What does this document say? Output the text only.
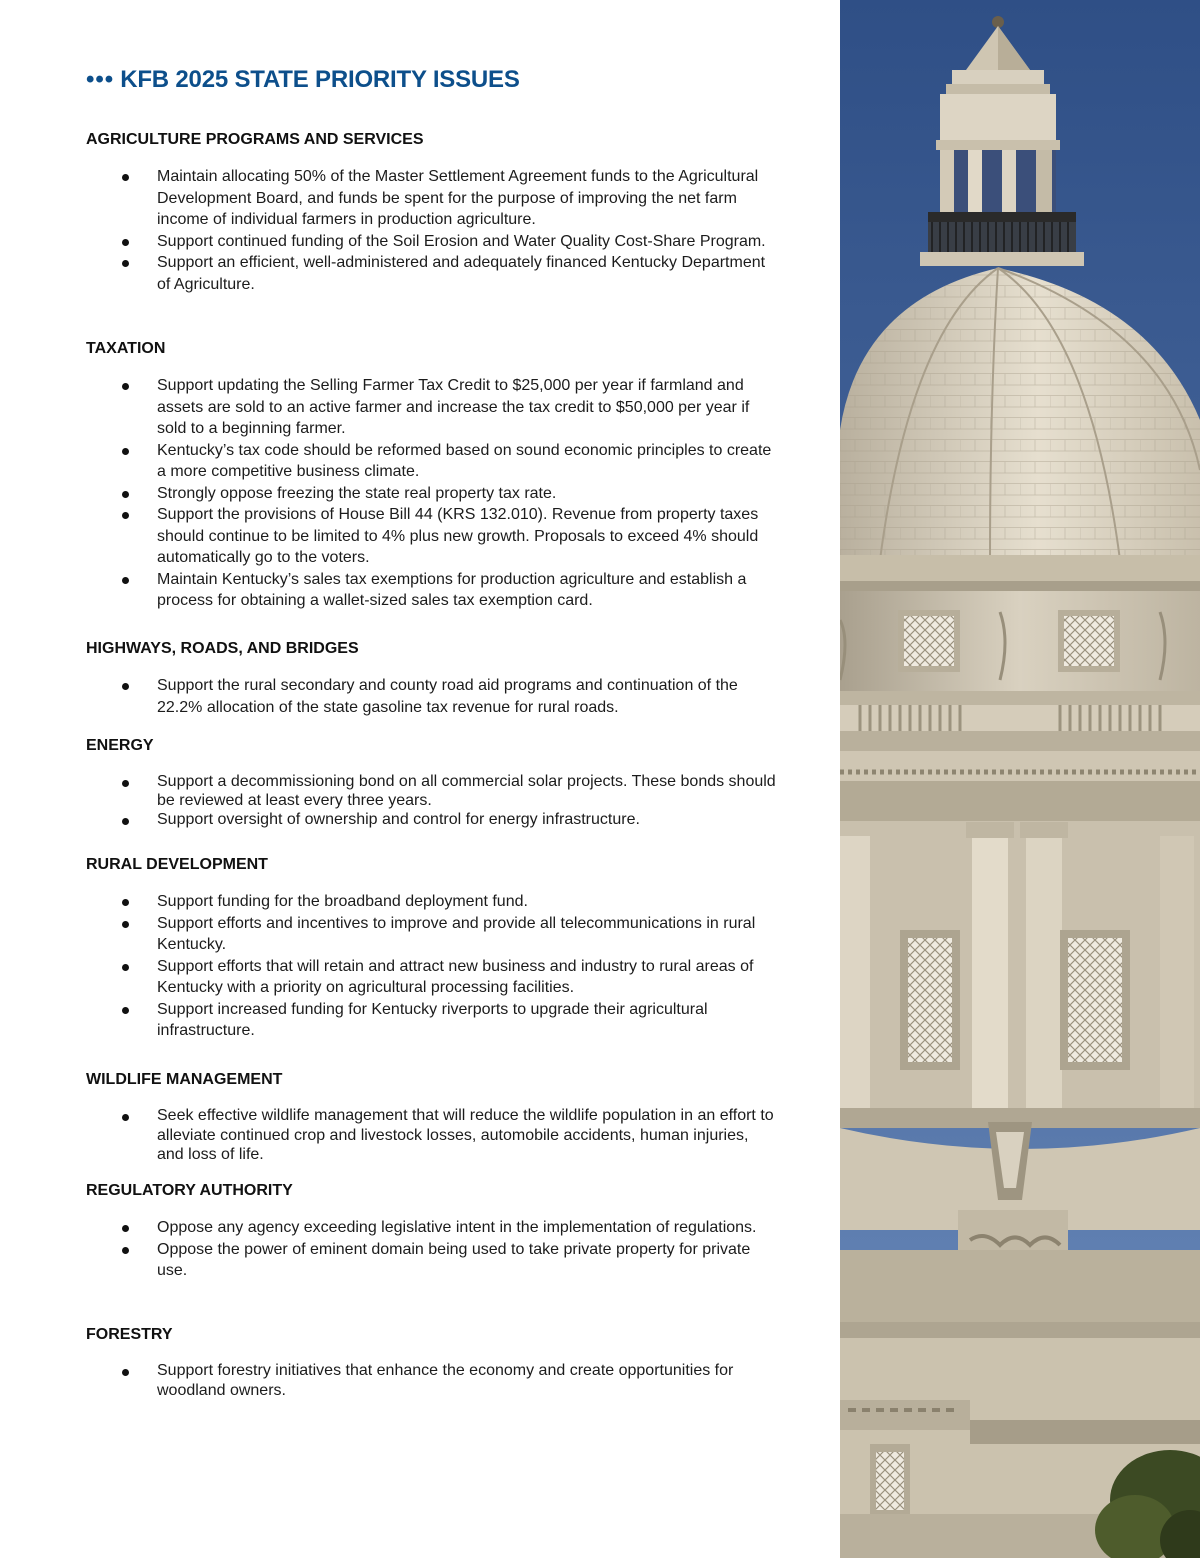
••• KFB 2025 STATE PRIORITY ISSUES
AGRICULTURE PROGRAMS AND SERVICES
Maintain allocating 50% of the Master Settlement Agreement funds to the Agricultural Development Board, and funds be spent for the purpose of improving the net farm income of individual farmers in production agriculture.
Support continued funding of the Soil Erosion and Water Quality Cost-Share Program.
Support an efficient, well-administered and adequately financed Kentucky Department of Agriculture.
TAXATION
Support updating the Selling Farmer Tax Credit to $25,000 per year if farmland and assets are sold to an active farmer and increase the tax credit to $50,000 per year if sold to a beginning farmer.
Kentucky’s tax code should be reformed based on sound economic principles to create a more competitive business climate.
Strongly oppose freezing the state real property tax rate.
Support the provisions of House Bill 44 (KRS 132.010). Revenue from property taxes should continue to be limited to 4% plus new growth. Proposals to exceed 4% should automatically go to the voters.
Maintain Kentucky’s sales tax exemptions for production agriculture and establish a process for obtaining a wallet-sized sales tax exemption card.
HIGHWAYS, ROADS, AND BRIDGES
Support the rural secondary and county road aid programs and continuation of the 22.2% allocation of the state gasoline tax revenue for rural roads.
ENERGY
Support a decommissioning bond on all commercial solar projects. These bonds should be reviewed at least every three years.
Support oversight of ownership and control for energy infrastructure.
RURAL DEVELOPMENT
Support funding for the broadband deployment fund.
Support efforts and incentives to improve and provide all telecommunications in rural Kentucky.
Support efforts that will retain and attract new business and industry to rural areas of Kentucky with a priority on agricultural processing facilities.
Support increased funding for Kentucky riverports to upgrade their agricultural infrastructure.
WILDLIFE MANAGEMENT
Seek effective wildlife management that will reduce the wildlife population in an effort to alleviate continued crop and livestock losses, automobile accidents, human injuries, and loss of life.
REGULATORY AUTHORITY
Oppose any agency exceeding legislative intent in the implementation of regulations.
Oppose the power of eminent domain being used to take private property for private use.
FORESTRY
Support forestry initiatives that enhance the economy and create opportunities for woodland owners.
